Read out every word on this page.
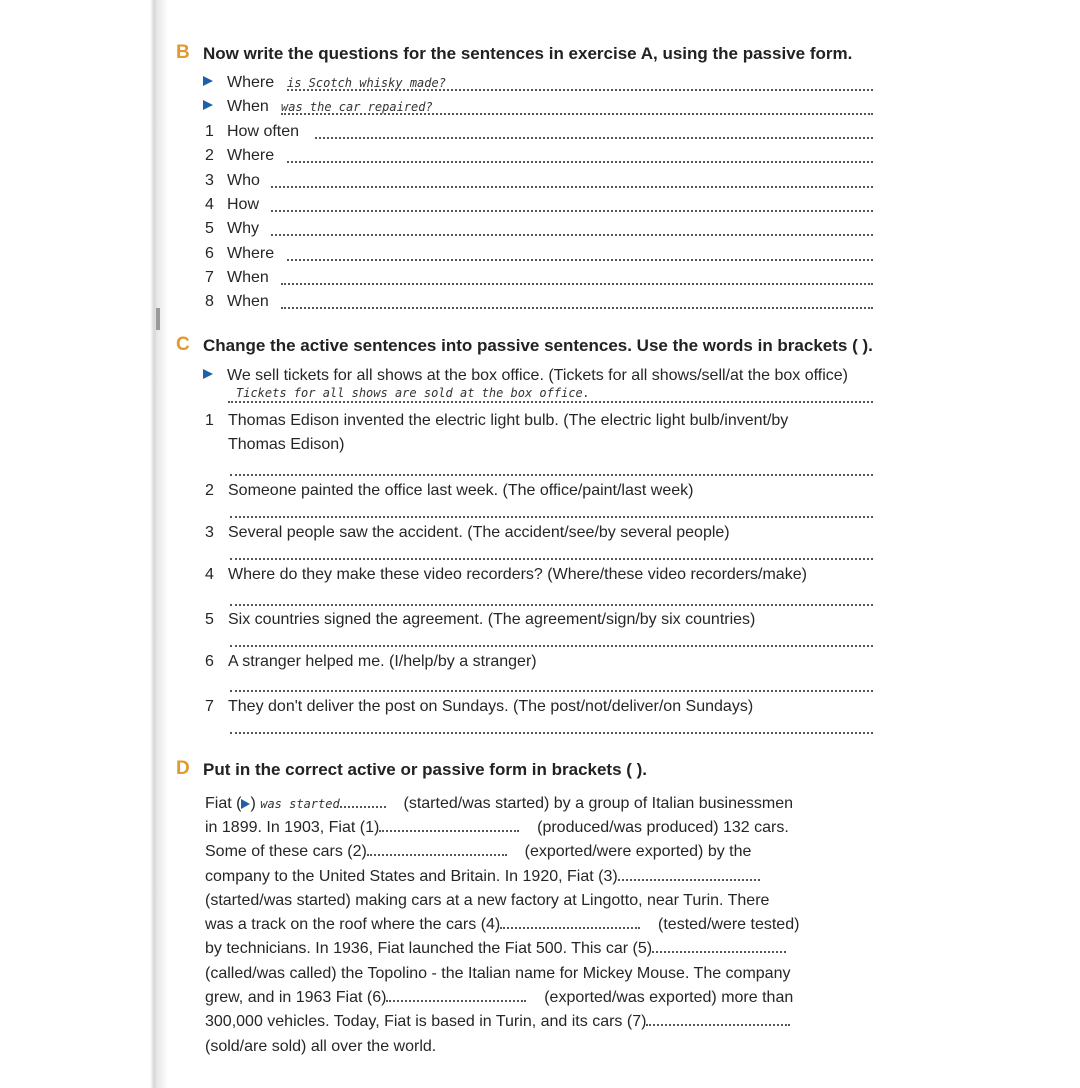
B Now write the questions for the sentences in exercise A, using the passive form.
Where is Scotch whisky made?
When was the car repaired?
1 How often
2 Where
3 Who
4 How
5 Why
6 Where
7 When
8 When
C Change the active sentences into passive sentences. Use the words in brackets ( ).
We sell tickets for all shows at the box office. (Tickets for all shows/sell/at the box office)
Tickets for all shows are sold at the box office.
1 Thomas Edison invented the electric light bulb. (The electric light bulb/invent/by
Thomas Edison)
2 Someone painted the office last week. (The office/paint/last week)
3 Several people saw the accident. (The accident/see/by several people)
4 Where do they make these video recorders? (Where/these video recorders/make)
5 Six countries signed the agreement. (The agreement/sign/by six countries)
6 A stranger helped me. (I/help/by a stranger)
7 They don't deliver the post on Sundays. (The post/not/deliver/on Sundays)
D Put in the correct active or passive form in brackets ( ).
Fiat ( ) was started	(started/was started) by a group of Italian businessmen
in 1899. In 1903, Fiat (1)	(produced/was produced) 132 cars.
Some of these cars (2)	(exported/were exported) by the
company to the United States and Britain. In 1920, Fiat (3)
(started/was started) making cars at a new factory at Lingotto, near Turin. There
was a track on the roof where the cars (4)	(tested/were tested)
by technicians. In 1936, Fiat launched the Fiat 500. This car (5)
(called/was called) the Topolino - the Italian name for Mickey Mouse. The company
grew, and in 1963 Fiat (6)	(exported/was exported) more than
300,000 vehicles. Today, Fiat is based in Turin, and its cars (7)
(sold/are sold) all over the world.
